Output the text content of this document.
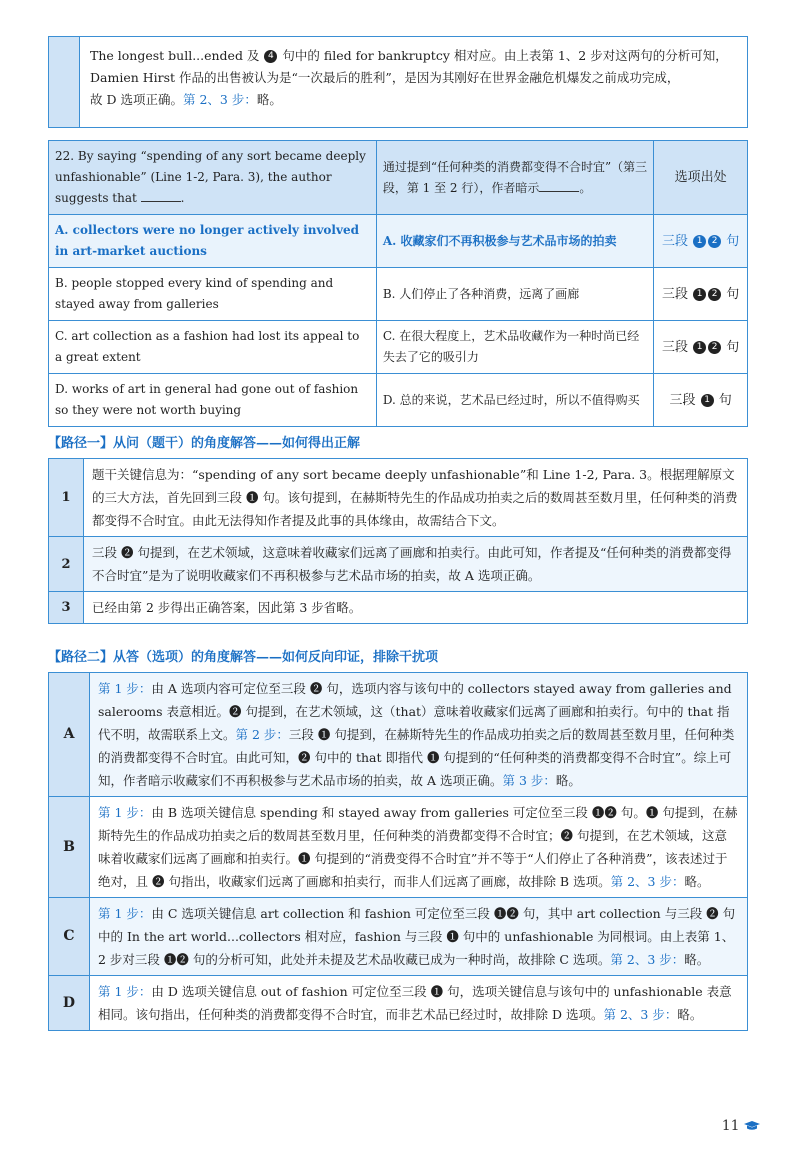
The longest bull...ended 及 4 句中的 filed for bankruptcy 相对应。由上表第 1、2 步对这两句的分析可知，
Damien Hirst 作品的出售被认为是“一次最后的胜利”，是因为其刚好在世界金融危机爆发之前成功完成，
故 D 选项正确。第 2、3 步：略。
22. By saying “spending of any sort became deeply unfashionable” (Line 1-2, Para. 3), the author suggests that .	通过提到“任何种类的消费都变得不合时宜”（第三段，第 1 至 2 行），作者暗示 。	选项出处
A. collectors were no longer actively involved in art-market auctions	A. 收藏家们不再积极参与艺术品市场的拍卖	三段 1 2 句
B. people stopped every kind of spending and stayed away from galleries	B. 人们停止了各种消费，远离了画廊	三段 1 2 句
C. art collection as a fashion had lost its appeal to a great extent	C. 在很大程度上，艺术品收藏作为一种时尚已经失去了它的吸引力	三段 1 2 句
D. works of art in general had gone out of fashion so they were not worth buying	D. 总的来说，艺术品已经过时，所以不值得购买	三段 1 句
【路径一】从问（题干）的角度解答——如何得出正解
1	题干关键信息为：“spending of any sort became deeply unfashionable”和 Line 1-2, Para. 3。根据理解原文的三大方法，首先回到三段 ❶ 句。该句提到，在赫斯特先生的作品成功拍卖之后的数周甚至数月里，任何种类的消费都变得不合时宜。由此无法得知作者提及此事的具体缘由，故需结合下文。
2	三段 ❷ 句提到，在艺术领域，这意味着收藏家们远离了画廊和拍卖行。由此可知，作者提及“任何种类的消费都变得不合时宜”是为了说明收藏家们不再积极参与艺术品市场的拍卖，故 A 选项正确。
3	已经由第 2 步得出正确答案，因此第 3 步省略。
【路径二】从答（选项）的角度解答——如何反向印证，排除干扰项
A	第 1 步：由 A 选项内容可定位至三段 ❷ 句，选项内容与该句中的 collectors stayed away from galleries and salerooms 表意相近。❷ 句提到，在艺术领域，这（that）意味着收藏家们远离了画廊和拍卖行。句中的 that 指代不明，故需联系上文。第 2 步：三段 ❶ 句提到，在赫斯特先生的作品成功拍卖之后的数周甚至数月里，任何种类的消费都变得不合时宜。由此可知，❷ 句中的 that 即指代 ❶ 句提到的“任何种类的消费都变得不合时宜”。综上可知，作者暗示收藏家们不再积极参与艺术品市场的拍卖，故 A 选项正确。第 3 步：略。
B	第 1 步：由 B 选项关键信息 spending 和 stayed away from galleries 可定位至三段 ❶❷ 句。❶ 句提到，在赫斯特先生的作品成功拍卖之后的数周甚至数月里，任何种类的消费都变得不合时宜；❷ 句提到，在艺术领域，这意味着收藏家们远离了画廊和拍卖行。❶ 句提到的“消费变得不合时宜”并不等于“人们停止了各种消费”，该表述过于绝对，且 ❷ 句指出，收藏家们远离了画廊和拍卖行，而非人们远离了画廊，故排除 B 选项。第 2、3 步：略。
C	第 1 步：由 C 选项关键信息 art collection 和 fashion 可定位至三段 ❶❷ 句，其中 art collection 与三段 ❷ 句中的 In the art world...collectors 相对应，fashion 与三段 ❶ 句中的 unfashionable 为同根词。由上表第 1、2 步对三段 ❶❷ 句的分析可知，此处并未提及艺术品收藏已成为一种时尚，故排除 C 选项。第 2、3 步：略。
D	第 1 步：由 D 选项关键信息 out of fashion 可定位至三段 ❶ 句，选项关键信息与该句中的 unfashionable 表意相同。该句指出，任何种类的消费都变得不合时宜，而非艺术品已经过时，故排除 D 选项。第 2、3 步：略。
11
